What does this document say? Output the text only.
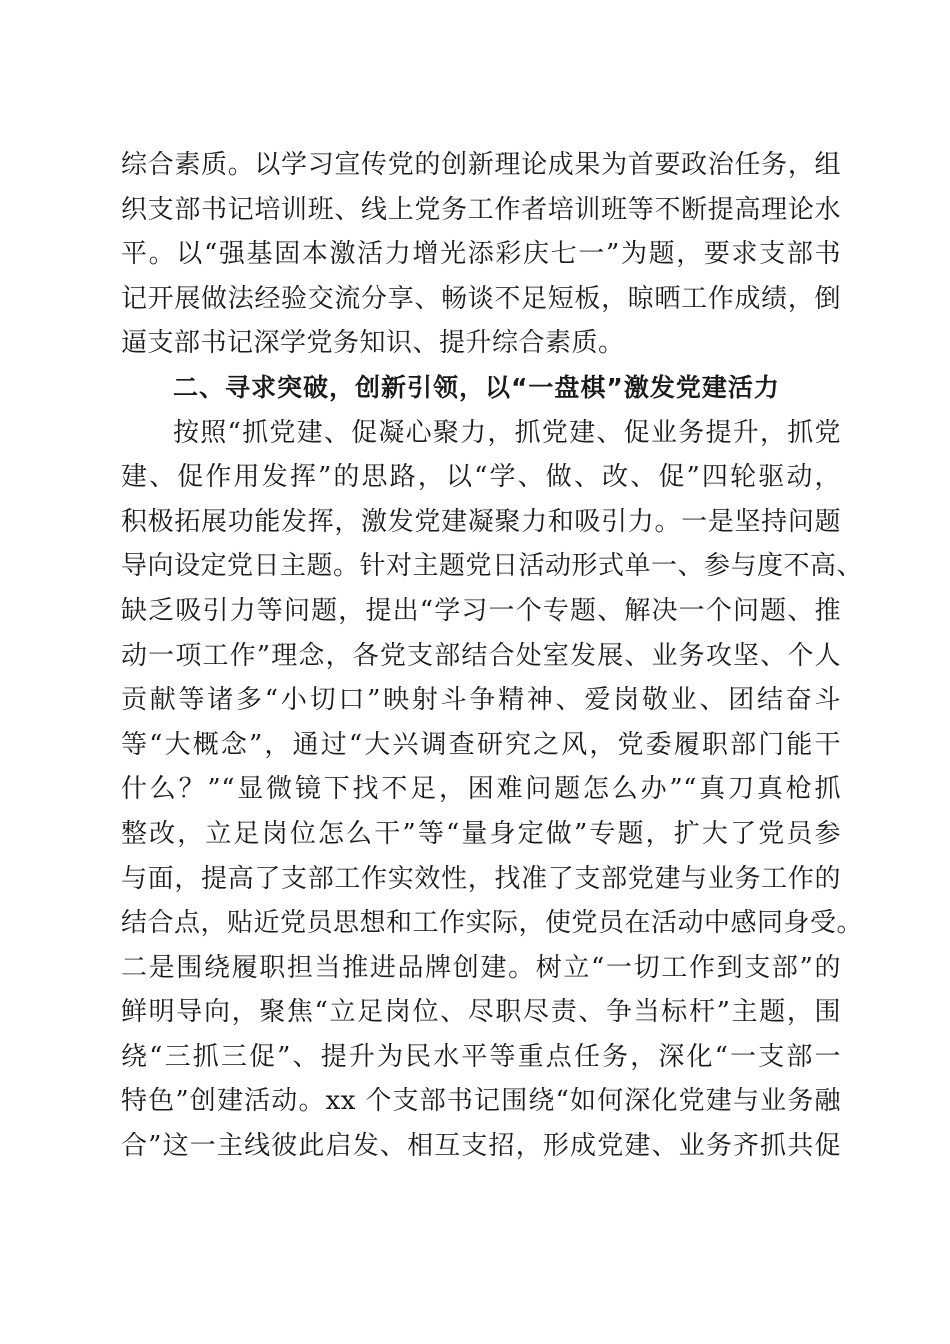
综合素质。以学习宣传党的创新理论成果为首要政治任务，组
织支部书记培训班、线上党务工作者培训班等不断提高理论水
平。以“强基固本激活力增光添彩庆七一”为题，要求支部书
记开展做法经验交流分享、畅谈不足短板，晾晒工作成绩，倒
逼支部书记深学党务知识、提升综合素质。
二、寻求突破，创新引领，以“一盘棋”激发党建活力
按照“抓党建、促凝心聚力，抓党建、促业务提升，抓党
建、促作用发挥”的思路，以“学、做、改、促”四轮驱动，
积极拓展功能发挥，激发党建凝聚力和吸引力。一是坚持问题
导向设定党日主题。针对主题党日活动形式单一、参与度不高、
缺乏吸引力等问题，提出“学习一个专题、解决一个问题、推
动一项工作”理念，各党支部结合处室发展、业务攻坚、个人
贡献等诸多“小切口”映射斗争精神、爱岗敬业、团结奋斗
等“大概念”，通过“大兴调查研究之风，党委履职部门能干
什么？”“显微镜下找不足，困难问题怎么办”“真刀真枪抓
整改，立足岗位怎么干”等“量身定做”专题，扩大了党员参
与面，提高了支部工作实效性，找准了支部党建与业务工作的
结合点，贴近党员思想和工作实际，使党员在活动中感同身受。
二是围绕履职担当推进品牌创建。树立“一切工作到支部”的
鲜明导向，聚焦“立足岗位、尽职尽责、争当标杆”主题，围
绕“三抓三促”、提升为民水平等重点任务，深化“一支部一
特色”创建活动。xx 个支部书记围绕“如何深化党建与业务融
合”这一主线彼此启发、相互支招，形成党建、业务齐抓共促
